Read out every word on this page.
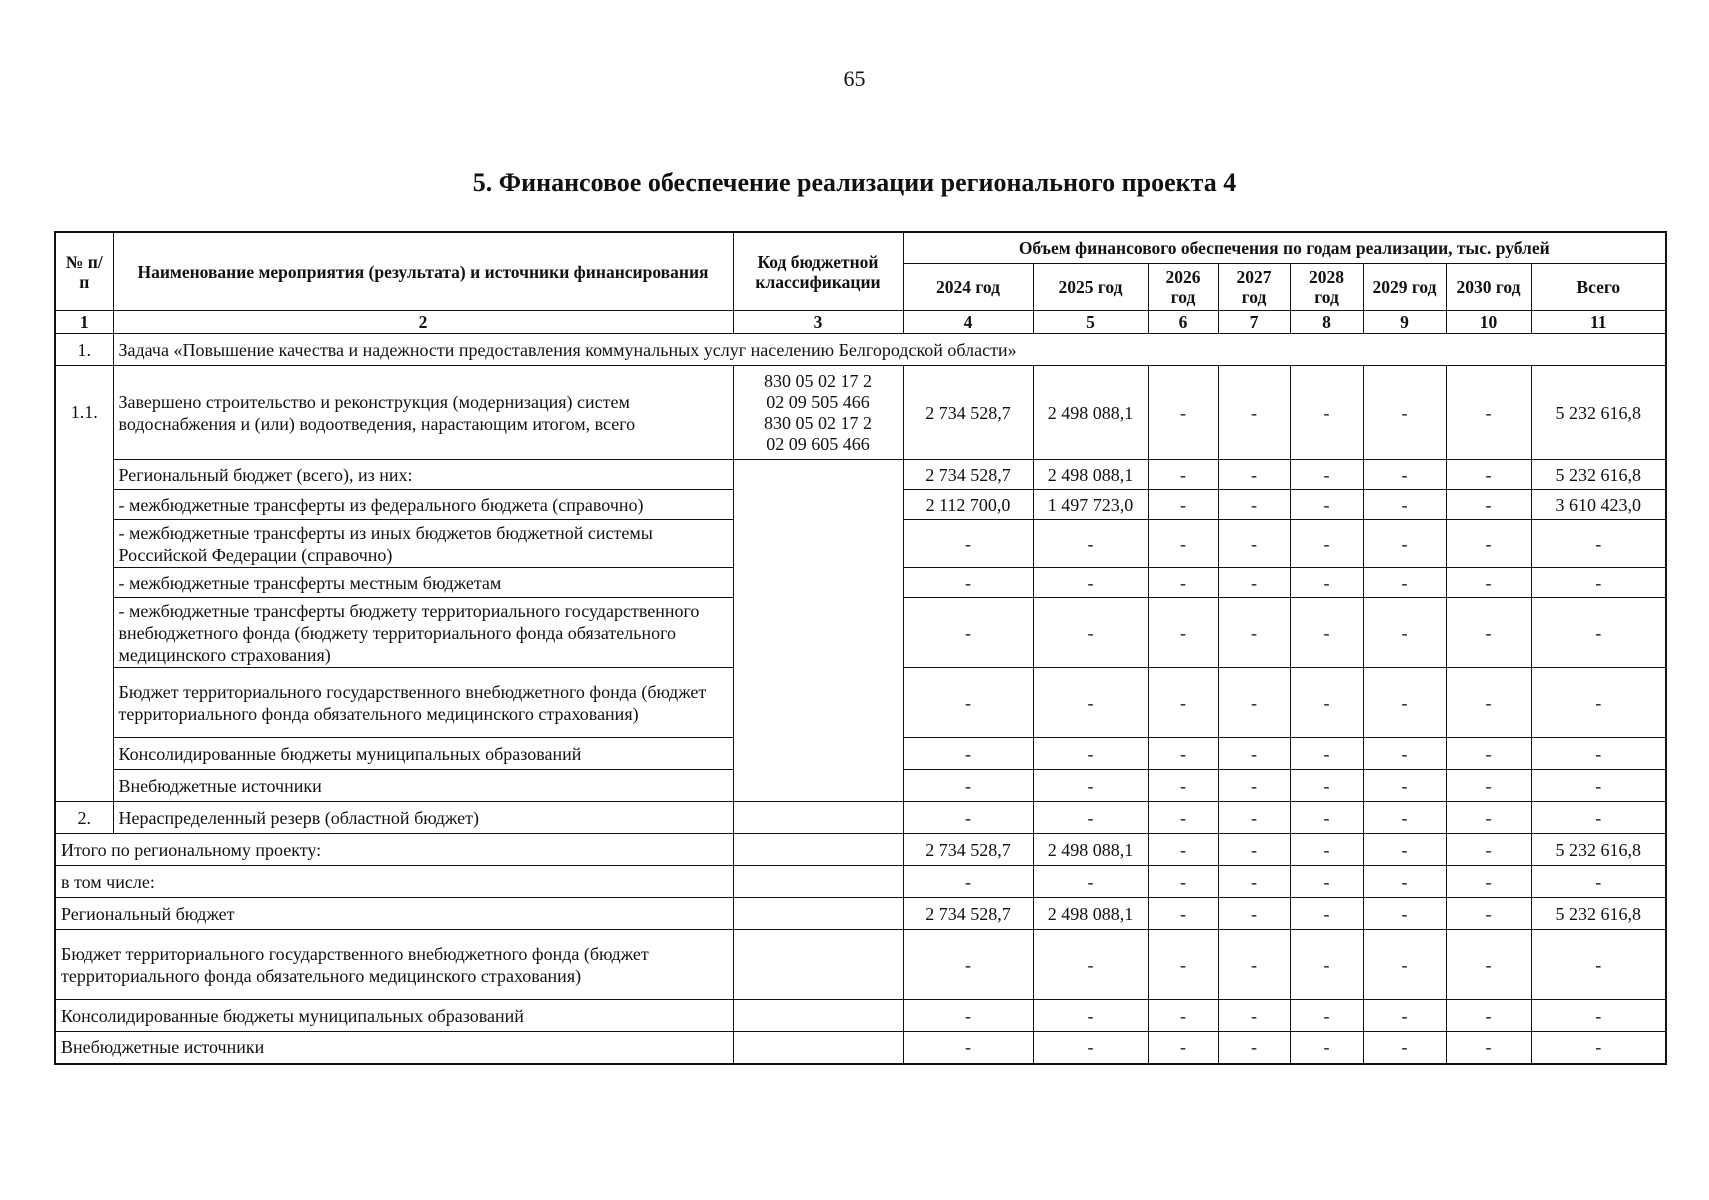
65
5. Финансовое обеспечение реализации регионального проекта 4
№ п/п	Наименование мероприятия (результата) и источники финансирования	Код бюджетной классификации	Объем финансового обеспечения по годам реализации, тыс. рублей							
			2024 год	2025 год	2026 год	2027 год	2028 год	2029 год	2030 год	Всего
1	2	3	4	5	6	7	8	9	10	11
1.	Задача «Повышение качества и надежности предоставления коммунальных услуг населению Белгородской области»									
1.1.	Завершено строительство и реконструкция (модернизация) систем водоснабжения и (или) водоотведения, нарастающим итогом, всего	830 05 02 17 2
02 09 505 466
830 05 02 17 2
02 09 605 466	2 734 528,7	2 498 088,1	-	-	-	-	-	5 232 616,8
	Региональный бюджет (всего), из них:		2 734 528,7	2 498 088,1	-	-	-	-	-	5 232 616,8
	- межбюджетные трансферты из федерального бюджета (справочно)		2 112 700,0	1 497 723,0	-	-	-	-	-	3 610 423,0
	- межбюджетные трансферты из иных бюджетов бюджетной системы Российской Федерации (справочно)		-	-	-	-	-	-	-	-
	- межбюджетные трансферты местным бюджетам		-	-	-	-	-	-	-	-
	- межбюджетные трансферты бюджету территориального государственного внебюджетного фонда (бюджету территориального фонда обязательного медицинского страхования)		-	-	-	-	-	-	-	-
	Бюджет территориального государственного внебюджетного фонда (бюджет территориального фонда обязательного медицинского страхования)		-	-	-	-	-	-	-	-
	Консолидированные бюджеты муниципальных образований		-	-	-	-	-	-	-	-
	Внебюджетные источники		-	-	-	-	-	-	-	-
2.	Нераспределенный резерв (областной бюджет)		-	-	-	-	-	-	-	-
Итого по региональному проекту:			2 734 528,7	2 498 088,1	-	-	-	-	-	5 232 616,8
в том числе:			-	-	-	-	-	-	-	-
Региональный бюджет			2 734 528,7	2 498 088,1	-	-	-	-	-	5 232 616,8
Бюджет территориального государственного внебюджетного фонда (бюджет территориального фонда обязательного медицинского страхования)			-	-	-	-	-	-	-	-
Консолидированные бюджеты муниципальных образований			-	-	-	-	-	-	-	-
Внебюджетные источники			-	-	-	-	-	-	-	-
